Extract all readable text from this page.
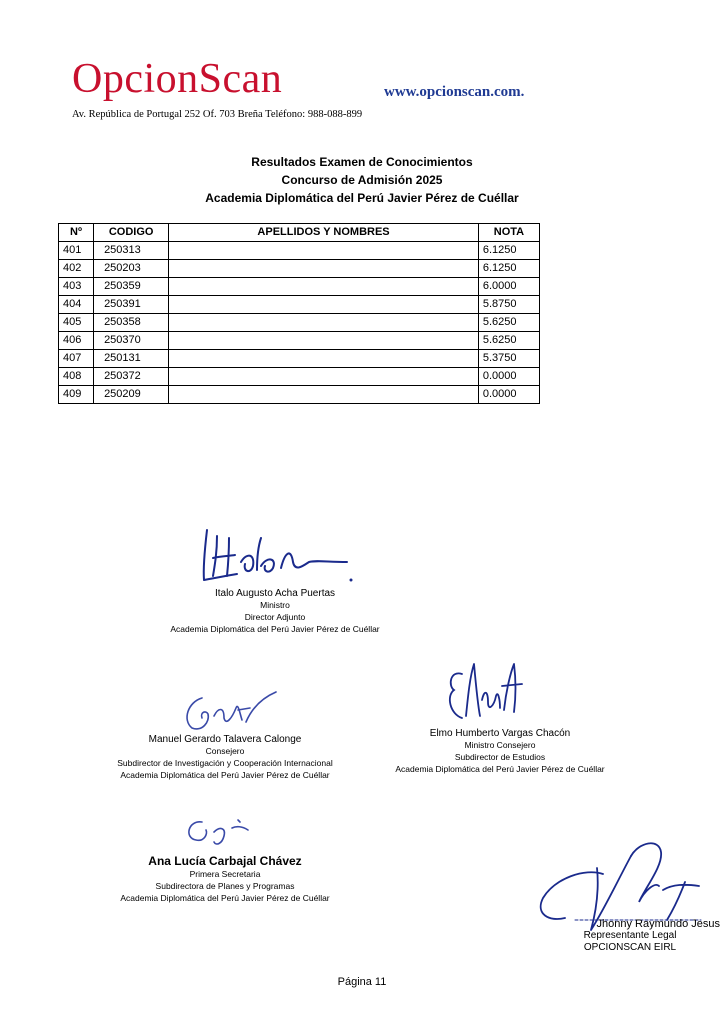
OpcionScan	www.opcionscan.com.
Av. República de Portugal 252 Of. 703 Breña Teléfono: 988-088-899
Resultados Examen de Conocimientos
Concurso de Admisión 2025
Academia Diplomática del Perú Javier Pérez de Cuéllar
Nº	CODIGO	APELLIDOS Y NOMBRES	NOTA
401	250313		6.1250
402	250203		6.1250
403	250359		6.0000
404	250391		5.8750
405	250358		5.6250
406	250370		5.6250
407	250131		5.3750
408	250372		0.0000
409	250209		0.0000
Italo Augusto Acha Puertas
Ministro
Director Adjunto
Academia Diplomática del Perú Javier Pérez de Cuéllar
Manuel Gerardo Talavera Calonge
Consejero
Subdirector de Investigación y Cooperación Internacional
Academia Diplomática del Perú Javier Pérez de Cuéllar
Elmo Humberto Vargas Chacón
Ministro Consejero
Subdirector de Estudios
Academia Diplomática del Perú Javier Pérez de Cuéllar
Ana Lucía Carbajal Chávez
Primera Secretaria
Subdirectora de Planes y Programas
Academia Diplomática del Perú Javier Pérez de Cuéllar
Jhonny Raymundo Jesus
Representante Legal
OPCIONSCAN EIRL
Página 11
